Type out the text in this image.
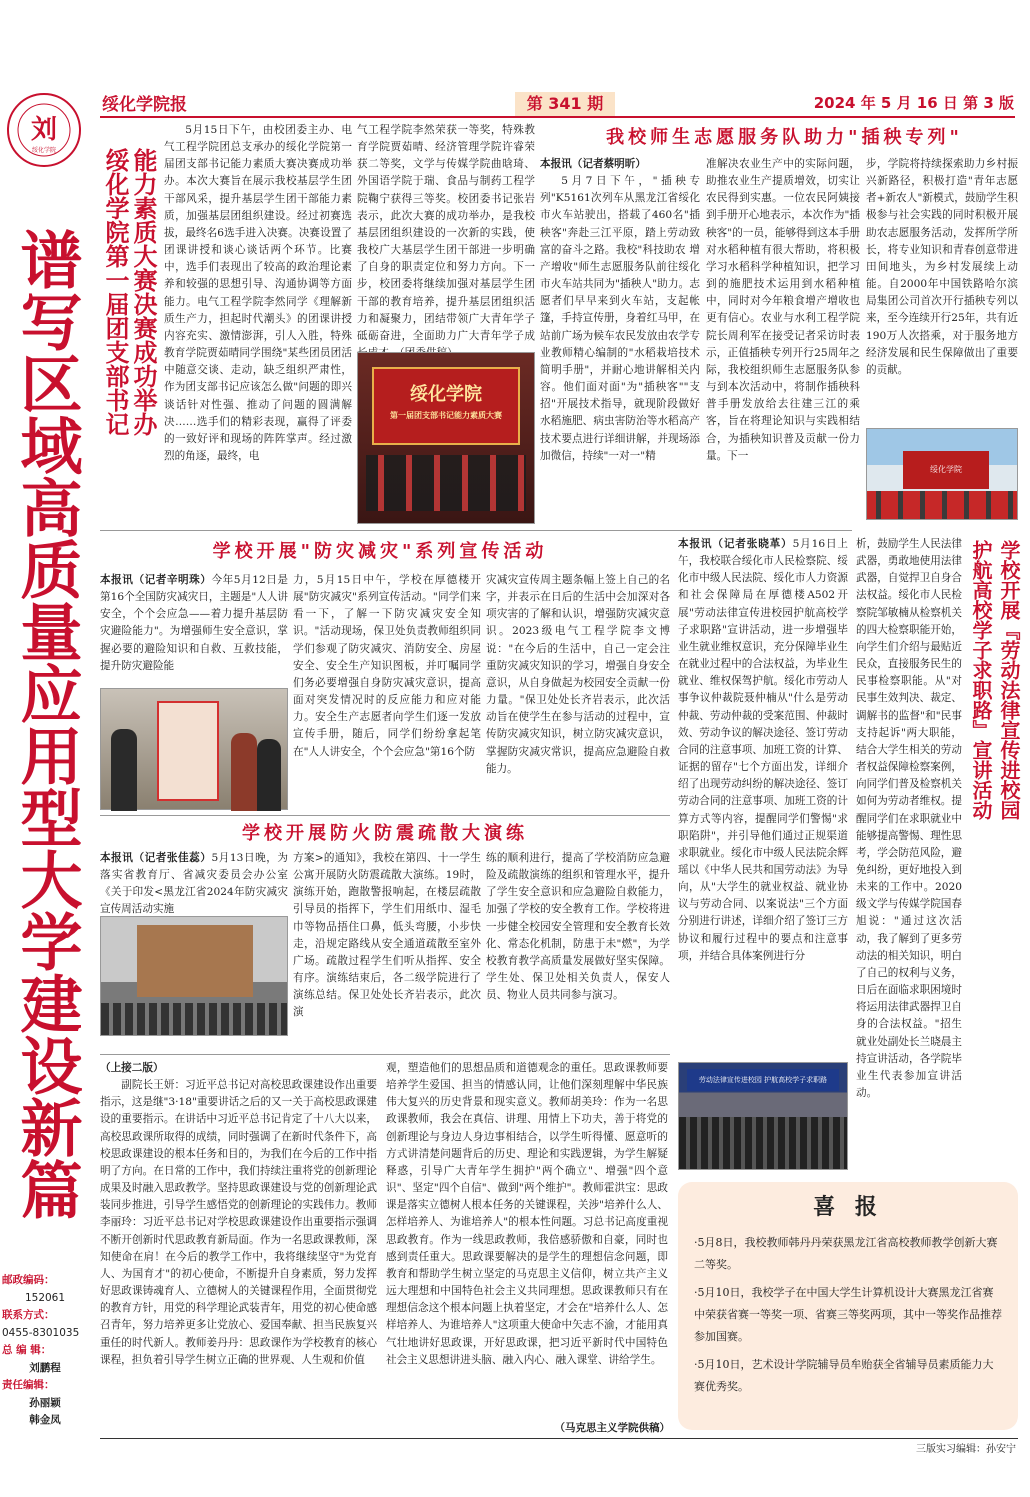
刘
绥化学院
谱写区域高质量应用型大学建设新篇
邮政编码：
152061
联系方式：
0455-8301035
总 编 辑：
刘鹏程
责任编辑：
孙丽颖
韩金凤
绥化学院报	第 341 期	2024 年 5 月 16 日 第 3 版
能力素质大赛决赛成功举办
绥化学院第一届团支部书记

5月15日下午，由校团委主办、电气工程学院团总支承办的绥化学院第一届团支部书记能力素质大赛决赛成功举办。本次大赛旨在展示我校基层学生团干部风采，提升基层学生团干部能力素质，加强基层团组织建设。经过初赛选拔，最终名6选手进入决赛。决赛设置了团课讲授和谈心谈话两个环节。比赛中，选手们表现出了较高的政治理论素养和较强的思想引导、沟通协调等方面能力。电气工程学院李然同学《理解新质生产力，担起时代潮头》的团课讲授内容充实、激情澎湃，引人入胜，特殊教育学院贾茹晴同学围绕"某些团员团活中随意交谈、走动，缺乏组织严肃性，作为团支部书记应该怎么做"问题的即兴谈话针对性强、推动了问题的圆满解决……选手们的精彩表现，赢得了评委的一致好评和现场的阵阵掌声。经过激烈的角逐，最终，电

气工程学院李然荣获一等奖，特殊教育学院贾茹晴、经济管理学院许睿荣获二等奖，文学与传媒学院曲晗琦、外国语学院于瑞、食品与制药工程学院鞠宁获得三等奖。校团委书记张岩表示，此次大赛的成功举办，是我校基层团组织建设的一次新的实践，使我校广大基层学生团干部进一步明确了自身的职责定位和努力方向。下一步，校团委将继续加强对基层学生团干部的教育培养，提升基层团组织活力和凝聚力，团结带领广大青年学子砥砺奋进，全面助力广大青年学子成

绥化学院
第一届团支部书记能力素质大赛
我校师生志愿服务队助力"插秧专列"

本报讯（记者蔡明昕）

5月7日下午，"插秧专列"K5161次列车从黑龙江省绥化市火车站驶出，搭载了460名"插秧客"奔赴三江平原，踏上劳动致富的奋斗之路。我校"科技助农 增产增收"师生志愿服务队前往绥化市火车站共同为"插秧人"助力。志愿者们早早来到火车站，支起帐篷，手持宣传册，身着红马甲，在站前广场为候车农民发放由农学专业教师精心编制的"水稻栽培技术简明手册"，并耐心地讲解相关内容。他们面对面"为"插秧客""支招"开展技术指导，就现阶段做好水稻施肥、病虫害防治等水稻高产技术要点进行详细讲解，并现场添加微信，持续"一对一"精

准解决农业生产中的实际问题，助推农业生产提质增效，切实让农民得到实惠。一位农民阿姨接到手册开心地表示，本次作为"插秧客"的一员，能够得到这本手册对水稻种植有很大帮助，将积极学习水稻科学种植知识，把学习到的施肥技术运用到水稻种植中，同时对今年粮食增产增收也更有信心。农业与水利工程学院院长周利军在接受记者采访时表示，正值插秧专列开行25周年之际，我校组织师生志愿服务队参与到本次活动中，将制作插秧科普手册发放给去往建三江的乘客，旨在将理论知识与实践相结合，为插秧知识普及贡献一份力量。下一

步，学院将持续探索助力乡村振兴新路径，积极打造"青年志愿者+新农人"新模式，鼓励学生积极参与社会实践的同时积极开展助农志愿服务活动，发挥所学所长，将专业知识和青春创意带进田间地头，为乡村发展续上动能。自2000年中国铁路哈尔滨局集团公司首次开行插秧专列以来，至今连续开行25年，共有近190万人次搭乘，对于服务地方经济发展和民生保障做出了重要的贡献。

绥化学院
学校开展"防灾减灾"系列宣传活动

本报讯（记者辛明珠）今年5月12日是第16个全国防灾减灾日，主题是"人人讲安全，个个会应急——着力提升基层防灾避险能力"。为增强师生安全意识，掌握必要的避险知识和自救、互救技能，提升防灾避险能

力，5月15日中午，学校在厚德楼开展"防灾减灾"系列宣传活动。"同学们来看一下，了解一下防灾减灾安全知识。"活动现场，保卫处负责教师组织同学们参观了防灾减灾、消防安全、房屋安全、安全生产知识图板，并叮嘱同学们务必要增强自身防灾减灾意识，提高面对突发情况时的反应能力和应对能力。安全生产志愿者向学生们逐一发放宣传手册，随后，同学们纷纷拿起笔在"人人讲安全，个个会应急"第16个防

灾减灾宣传周主题条幅上签上自己的名字，并表示在日后的生活中会加深对各项灾害的了解和认识，增强防灾减灾意识。2023级电气工程学院李文博说："在今后的生活中，自己一定会注重防灾减灾知识的学习，增强自身安全意识，从自身做起为校园安全贡献一份力量。"保卫处处长齐岩表示，此次活动旨在使学生在参与活动的过程中，宣传防灾减灾知识，树立防灾减灾意识，掌握防灾减灾常识，提高应急避险自救能力。

学校开展防火防震疏散大演练

本报讯（记者张佳蕊）5月13日晚，为落实省教育厅、省减灾委员会办公室《关于印发<黑龙江省2024年防灾减灾宣传周活动实施

方案>的通知》，我校在第四、十一学生公寓开展防火防震疏散大演练。19时，演练开始，跑散警报响起，在楼层疏散引导员的指挥下，学生们用纸巾、湿毛巾等物品捂住口鼻，低头弯腰，小步快走，沿规定路线从安全通道疏散至室外广场。疏散过程学生们听从指挥、安全有序。演练结束后，各二级学院进行了演练总结。保卫处处长齐岩表示，此次演

练的顺利进行，提高了学校消防应急避险及疏散演练的组织和管理水平，提升了学生安全意识和应急避险自救能力，加强了学校的安全教育工作。学校将进一步健全校园安全管理和安全教育长效化、常态化机制，防患于未"燃"，为学校教育教学高质量发展做好坚实保障。学生处、保卫处相关负责人，保安人员、物业人员共同参与演习。

学校开展『劳动法律宣传进校园
护航高校学子求职路』宣讲活动

本报讯（记者张晓革）5月16日上午，我校联合绥化市人民检察院、绥化市中级人民法院、绥化市人力资源和社会保障局在厚德楼A502开展"劳动法律宣传进校园护航高校学子求职路"宣讲活动，进一步增强毕业生就业维权意识，充分保障毕业生在就业过程中的合法权益，为毕业生就业、维权保驾护航。绥化市劳动人事争议仲裁院聂仲楠从"什么是劳动仲裁、劳动仲裁的受案范围、仲裁时效、劳动争议的解决途径、签订劳动合同的注意事项、加班工资的计算、证据的留存"七个方面出发，详细介绍了出现劳动纠纷的解决途径、签订劳动合同的注意事项、加班工资的计算方式等内容，提醒同学们警惕"求职陷阱"，并引导他们通过正规渠道求职就业。绥化市中级人民法院余辉瑶以《中华人民共和国劳动法》为导向，从"大学生的就业权益、就业协议与劳动合同、以案说法"三个方面分别进行讲述，详细介绍了签订三方协议和履行过程中的要点和注意事项，并结合具体案例进行分

析，鼓励学生人民法律武器，勇敢地使用法律武器，自觉捍卫自身合法权益。绥化市人民检察院邹敏楠从检察机关的四大检察职能开始，向学生们介绍与最贴近民众，直接服务民生的民事检察职能。从"对民事生效判决、裁定、调解书的监督"和"民事支持起诉"两大职能，结合大学生相关的劳动者权益保障检察案例，向同学们普及检察机关如何为劳动者维权。提醒同学们在求职就业中能够提高警惕、理性思考，学会防范风险，避免纠纷，更好地投入到未来的工作中。2020级文学与传媒学院国春旭说："通过这次活动，我了解到了更多劳动法的相关知识，明白了自己的权利与义务，日后在面临求职困境时将运用法律武器捍卫自身的合法权益。"招生就业处副处长兰晓晨主持宣讲活动，各学院毕业生代表参加宣讲活动。

劳动法律宣传进校园 护航高校学子求职路

（上接二版）

副院长王妍：习近平总书记对高校思政课建设作出重要指示，这是继"3·18"重要讲话之后的又一关于高校思政课建设的重要指示。在讲话中习近平总书记肯定了十八大以来，高校思政课所取得的成绩，同时强调了在新时代条件下，高校思政课建设的根本任务和目的，为我们在今后的工作中指明了方向。在日常的工作中，我们持续注重将党的创新理论成果及时融入思政教学。坚持思政课建设与党的创新理论武装同步推进，引导学生感悟党的创新理论的实践伟力。教师李丽玲：习近平总书记对学校思政课建设作出重要指示强调不断开创新时代思政教育新局面。作为一名思政课教师，深知使命在肩！在今后的教学工作中，我将继续坚守"为党育人、为国育才"的初心使命，不断提升自身素质，努力发挥好思政课铸魂育人、立德树人的关键课程作用，全面贯彻党的教育方针，用党的科学理论武装青年，用党的初心使命感召青年，努力培养更多让党放心、爱国奉献、担当民族复兴重任的时代新人。教师姜丹丹：思政课作为学校教育的核心课程，担负着引导学生树立正确的世界观、人生观和价值

观，塑造他们的思想品质和道德观念的重任。思政课教师要培养学生爱国、担当的情感认同，让他们深刻理解中华民族伟大复兴的历史背景和现实意义。教师胡美玲：作为一名思政课教师，我会在真信、讲理、用情上下功夫，善于将党的创新理论与身边人身边事相结合，以学生听得懂、愿意听的方式讲清楚问题背后的历史、理论和实践逻辑，为学生解疑释惑，引导广大青年学生拥护"两个确立"、增强"四个意识"、坚定"四个自信"、做到"两个维护"。教师霍洪宝：思政课是落实立德树人根本任务的关键课程，关涉"培养什么人、怎样培养人、为谁培养人"的根本性问题。习总书记高度重视思政教育。作为一线思政教师，我倍感骄傲和自豪，同时也感到责任重大。思政课要解决的是学生的理想信念问题，即教育和帮助学生树立坚定的马克思主义信仰，树立共产主义远大理想和中国特色社会主义共同理想。思政课教师只有在理想信念这个根本问题上执着坚定，才会在"培养什么人、怎样培养人、为谁培养人"这项重大使命中矢志不渝，才能用真气壮地讲好思政课，开好思政课，把习近平新时代中国特色社会主义思想讲进头脑、融入内心、融入课堂、讲给学生。

（马克思主义学院供稿）
喜 报
·5月8日，我校教师韩丹丹荣获黑龙江省高校教师教学创新大赛二等奖。
·5月10日，我校学子在中国大学生计算机设计大赛黑龙江省赛中荣获省赛一等奖一项、省赛三等奖两项，其中一等奖作品推荐参加国赛。
·5月10日，艺术设计学院辅导员牟贻获全省辅导员素质能力大赛优秀奖。
三版实习编辑：孙安宁
